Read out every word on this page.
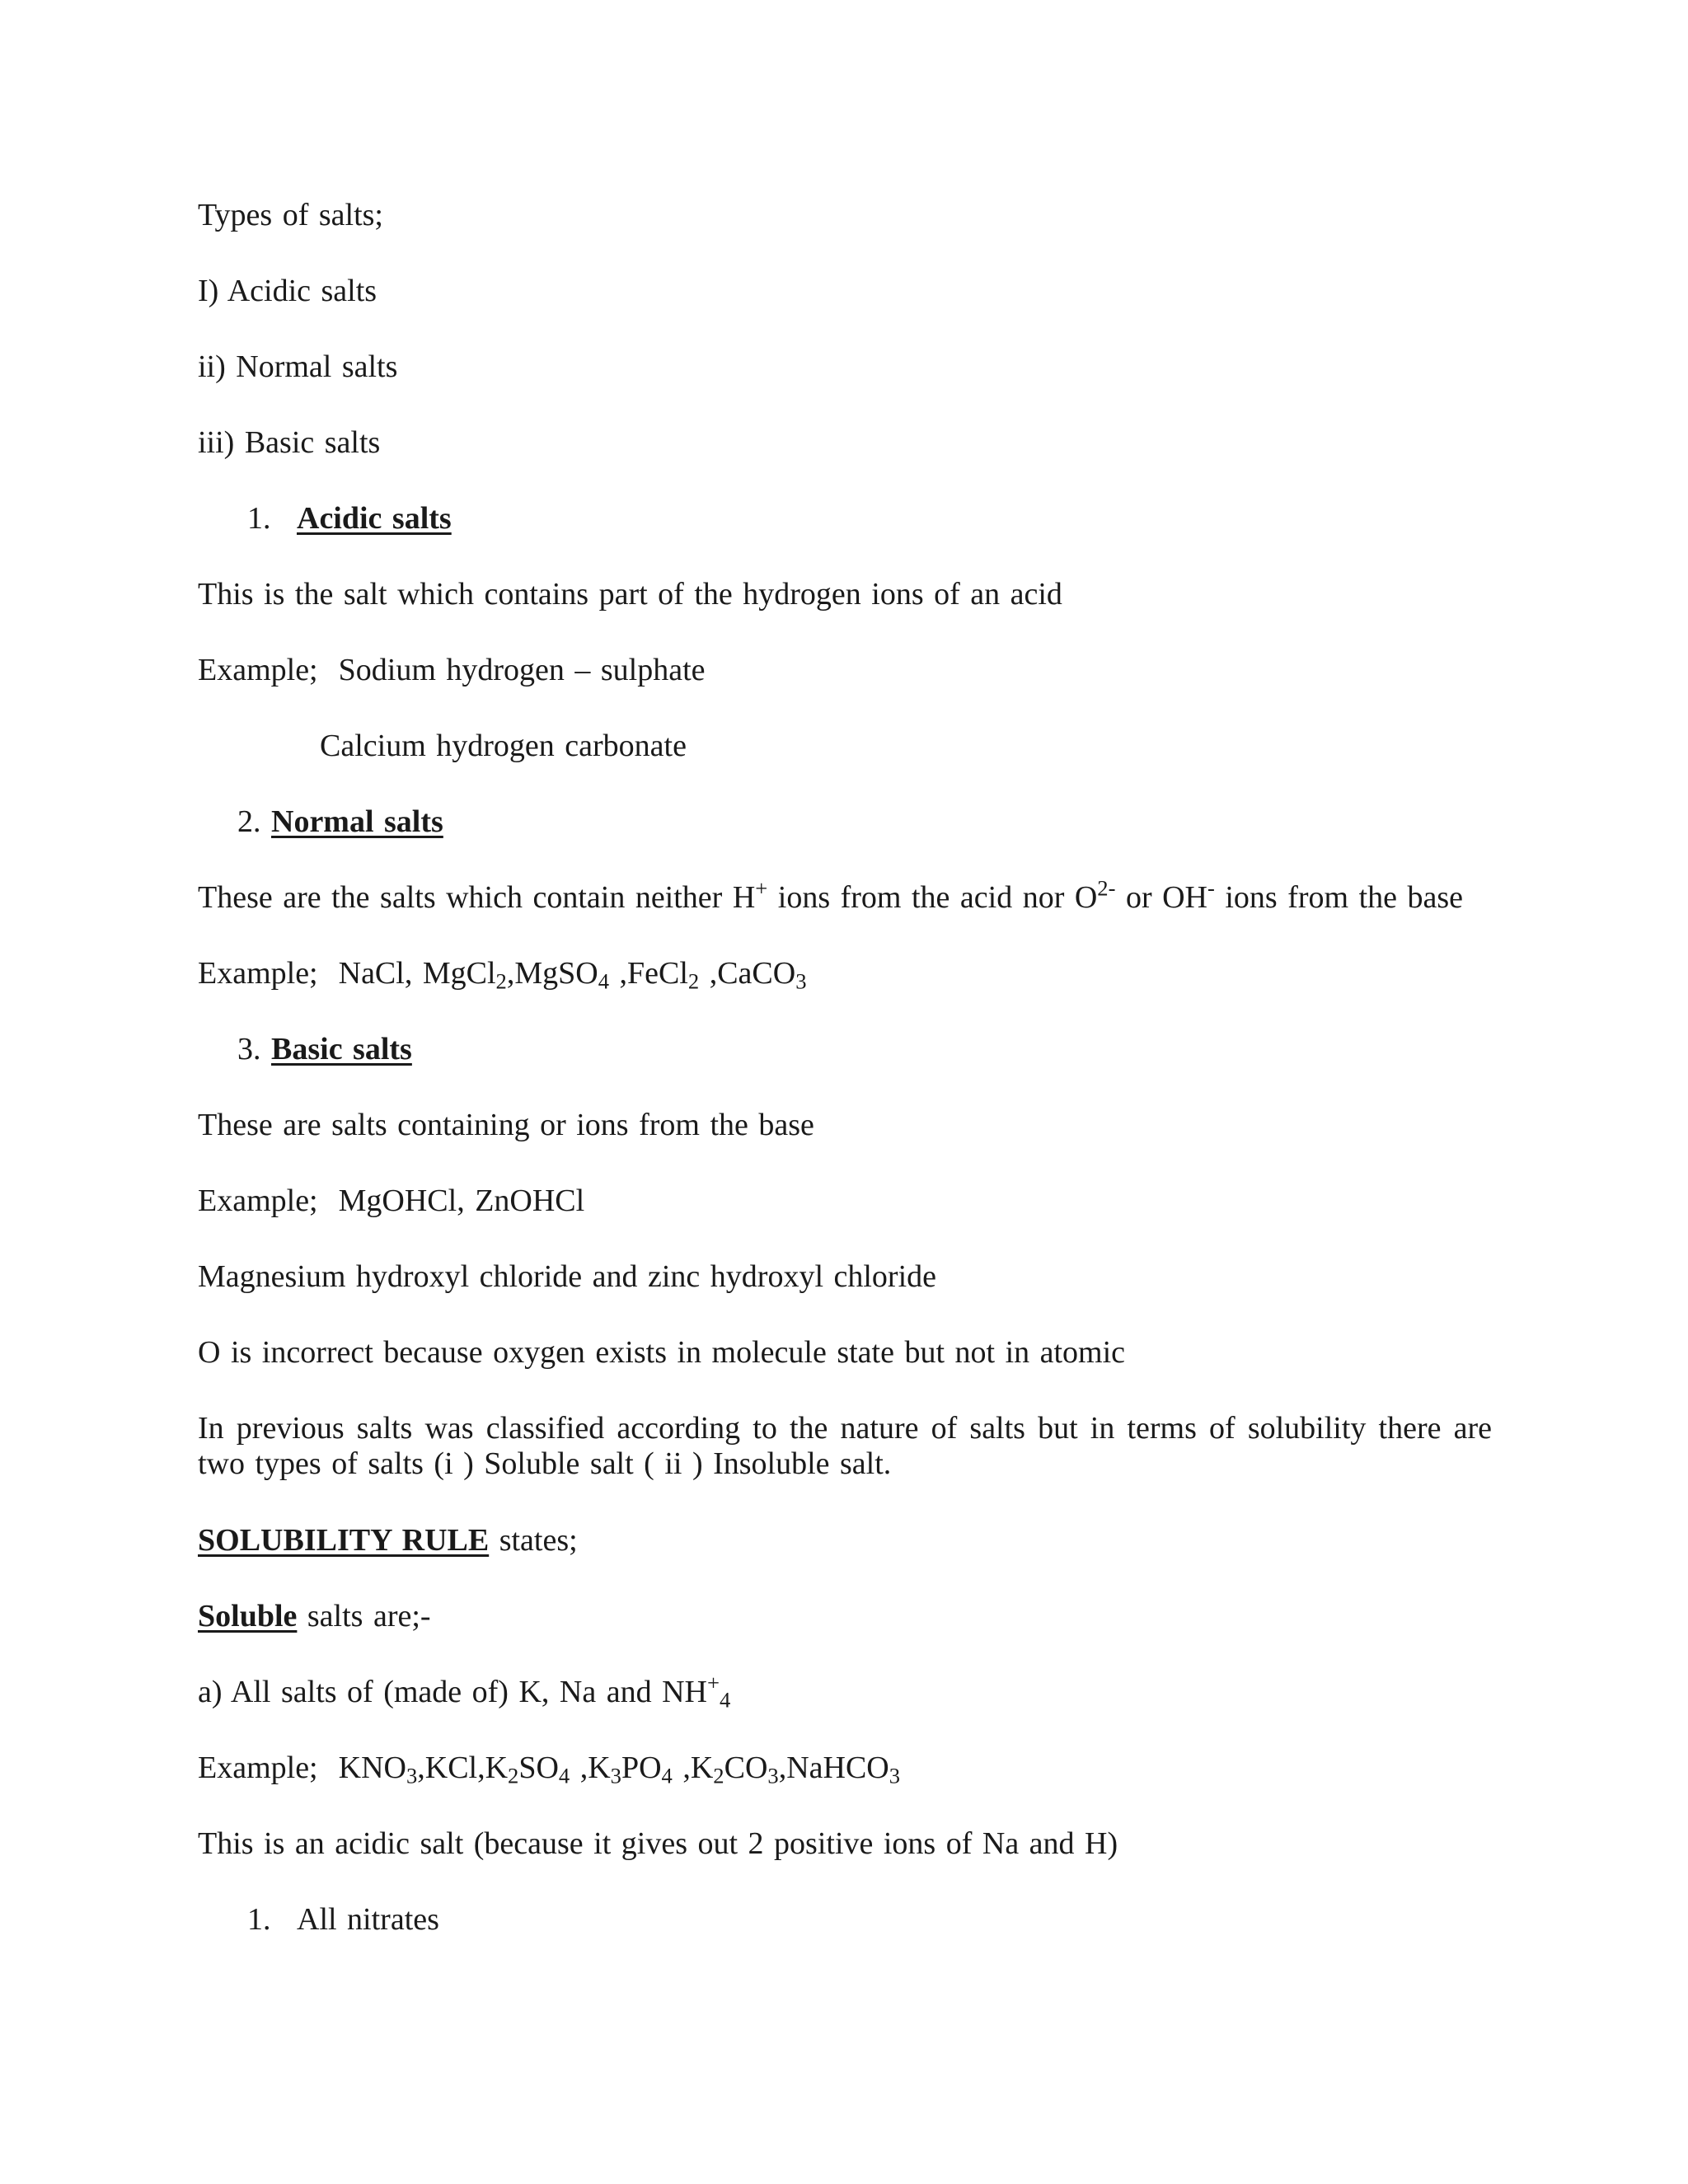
Types of salts;
I) Acidic salts
ii) Normal salts
iii) Basic salts
1. Acidic salts
This is the salt which contains part of the hydrogen ions of an acid
Example; Sodium hydrogen – sulphate
Calcium hydrogen carbonate
2. Normal salts
These are the salts which contain neither H+ ions from the acid nor $O^{2-}$ or OH- ions from the base
Example; NaCl, MgCl$_2$,MgSO$_4$ ,FeCl$_2$ ,CaCO$_3$
3. Basic salts
These are salts containing or ions from the base
Example; MgOHCl, ZnOHCl
Magnesium hydroxyl chloride and zinc hydroxyl chloride
O is incorrect because oxygen exists in molecule state but not in atomic
In previous salts was classified according to the nature of salts but in terms of solubility there are two types of salts (i ) Soluble salt ( ii ) Insoluble salt.
SOLUBILITY RULE states;
Soluble salts are;-
a) All salts of (made of) K, Na and $NH^+_4$
Example; $KNO_3,KCl,K_2SO_4$ $,K_3PO_4$ $,K_2CO_3,NaHCO_3$
This is an acidic salt (because it gives out 2 positive ions of Na and H)
1. All nitrates
